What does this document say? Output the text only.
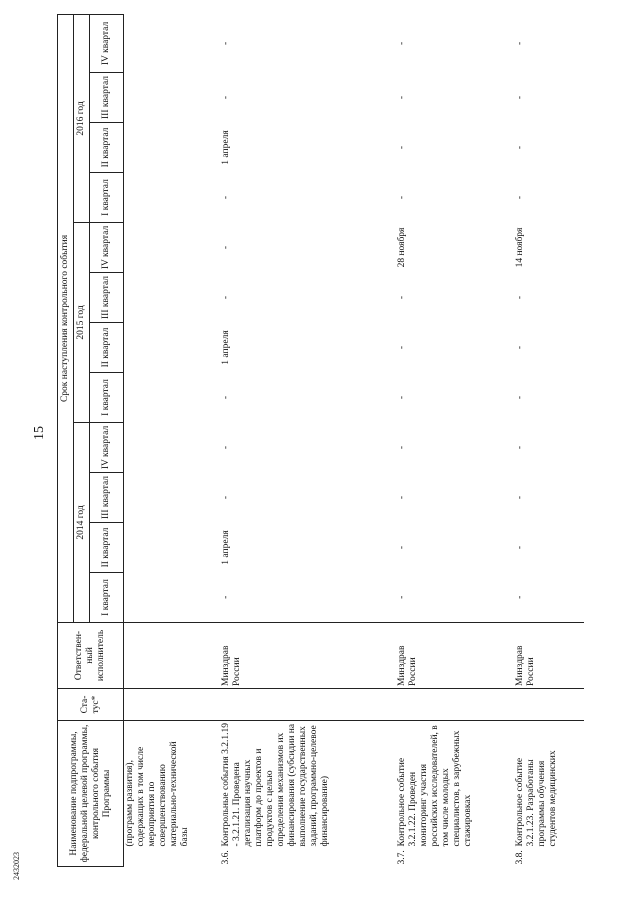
15
2432023
Наименование подпрограммы, федеральной целевой программы, контрольного события Программы		Ста-тус*	Ответствен-ный исполнитель	Срок наступления контрольного события											
				2014 год				2015 год				2016 год			
				I квартал	II квартал	III квартал	IV квартал	I квартал	II квартал	III квартал	IV квартал	I квартал	II квартал	III квартал	IV квартал
	(программ развития), содержащих в том числе мероприятия по совершенствованию материально-технической базы														
3.6.	Контрольные события 3.2.1.19 - 3.2.1.21. Проведена детализация научных платформ до проектов и продуктов с целью определения механизмов их финансирования (субсидии на выполнение государственных заданий, программно-целевое финансирование)		Минздрав России	-	1 апреля	-	-	-	1 апреля	-	-	-	1 апреля	-	-
3.7.	Контрольное событие 3.2.1.22. Проведен мониторинг участия российских исследователей, в том числе молодых специалистов, в зарубежных стажировках		Минздрав России	-	-	-	-	-	-	-	28 ноября	-	-	-	-
3.8.	Контрольное событие 3.2.1.23. Разработаны программы обучения студентов медицинских		Минздрав России	-	-	-	-	-	-	-	14 ноября	-	-	-	-
